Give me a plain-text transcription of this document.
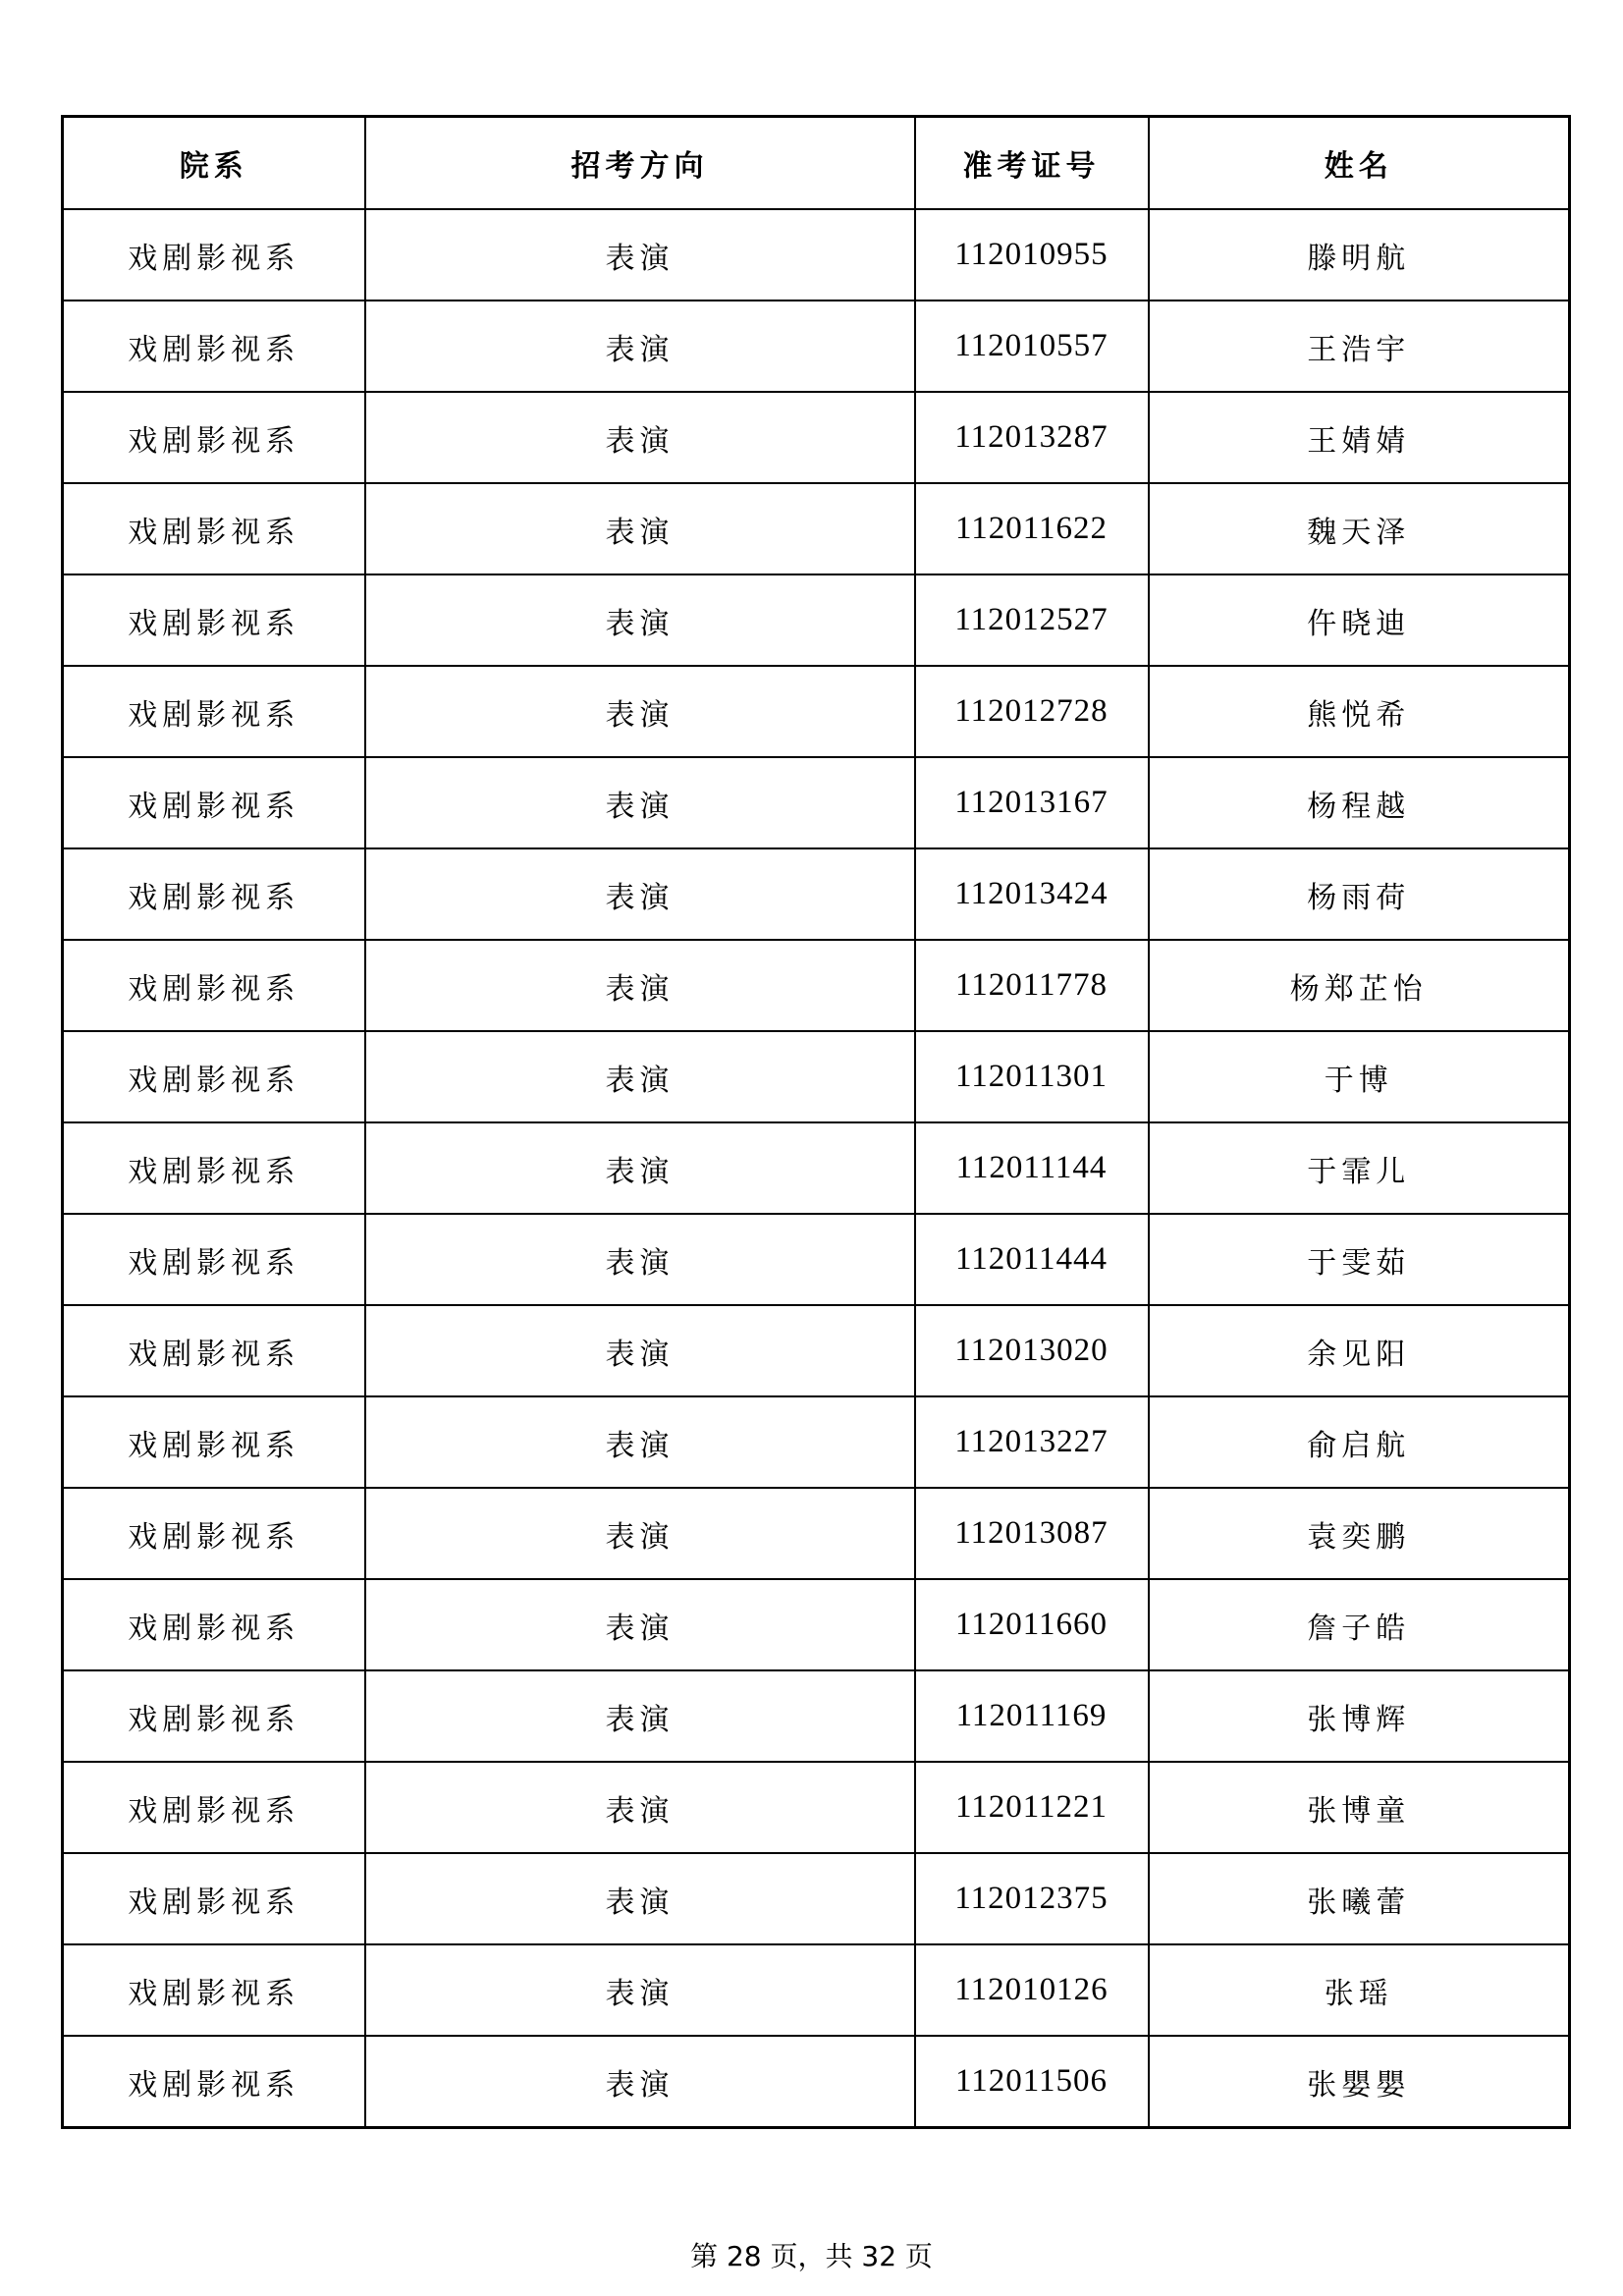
院系	招考方向	准考证号	姓名
戏剧影视系	表演	112010955	滕明航
戏剧影视系	表演	112010557	王浩宇
戏剧影视系	表演	112013287	王婧婧
戏剧影视系	表演	112011622	魏天泽
戏剧影视系	表演	112012527	仵晓迪
戏剧影视系	表演	112012728	熊悦希
戏剧影视系	表演	112013167	杨程越
戏剧影视系	表演	112013424	杨雨荷
戏剧影视系	表演	112011778	杨郑芷怡
戏剧影视系	表演	112011301	于博
戏剧影视系	表演	112011144	于霏儿
戏剧影视系	表演	112011444	于雯茹
戏剧影视系	表演	112013020	余见阳
戏剧影视系	表演	112013227	俞启航
戏剧影视系	表演	112013087	袁奕鹏
戏剧影视系	表演	112011660	詹子皓
戏剧影视系	表演	112011169	张博辉
戏剧影视系	表演	112011221	张博童
戏剧影视系	表演	112012375	张曦蕾
戏剧影视系	表演	112010126	张瑶
戏剧影视系	表演	112011506	张嬰嬰
第 28 页，共 32 页
